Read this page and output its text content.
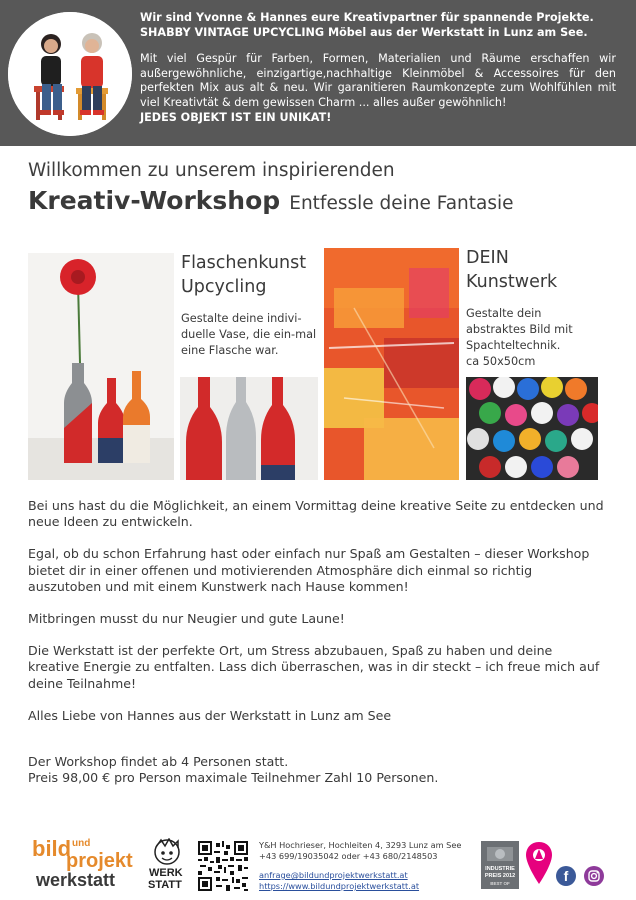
Wir sind Yvonne & Hannes eure Kreativpartner für spannende Projekte.
SHABBY VINTAGE UPCYCLING Möbel aus der Werkstatt in Lunz am See.
Mit viel Gespür für Farben, Formen, Materialien und Räume erschaffen wir außergewöhnliche, einzigartige,nachhaltige Kleinmöbel & Accessoires für den perfekten Mix aus alt & neu. Wir garanitieren Raumkonzepte zum Wohlfühlen mit viel Kreativtät & dem gewissen Charm ... alles außer gewöhnlich!
JEDES OBJEKT IST EIN UNIKAT!
Willkommen zu unserem inspirierenden
Kreativ-Workshop Entfessle deine Fantasie
Flaschenkunst
Upcycling
Gestalte deine indivi-duelle Vase, die ein-mal eine Flasche war.
DEIN
Kunstwerk
Gestalte dein
abstraktes Bild mit
Spachteltechnik.
ca 50x50cm

Bei uns hast du die Möglichkeit, an einem Vormittag deine kreative Seite zu entdecken und neue Ideen zu entwickeln.

Egal, ob du schon Erfahrung hast oder einfach nur Spaß am Gestalten – dieser Workshop bietet dir in einer offenen und motivierenden Atmosphäre dich einmal so richtig auszutoben und mit einem Kunstwerk nach Hause kommen!

Mitbringen musst du nur Neugier und gute Laune!

Die Werkstatt ist der perfekte Ort, um Stress abzubauen, Spaß zu haben und deine kreative Energie zu entfalten. Lass dich überraschen, was in dir steckt – ich freue mich auf deine Teilnahme!

Alles Liebe von Hannes aus der Werkstatt in Lunz am See

Der Workshop findet ab 4 Personen statt.
Preis 98,00 € pro Person maximale Teilnehmer Zahl 10 Personen.
bild und
projekt
werkstatt	WERK
STATT
Y&H Hochrieser, Hochleiten 4, 3293 Lunz am See
+43 699/19035042 oder +43 680/2148503
anfrage@bildundprojektwerkstatt.at
https://www.bildundprojektwerkstatt.at
INDUSTRIE PREIS 2012
BEST OF	f
